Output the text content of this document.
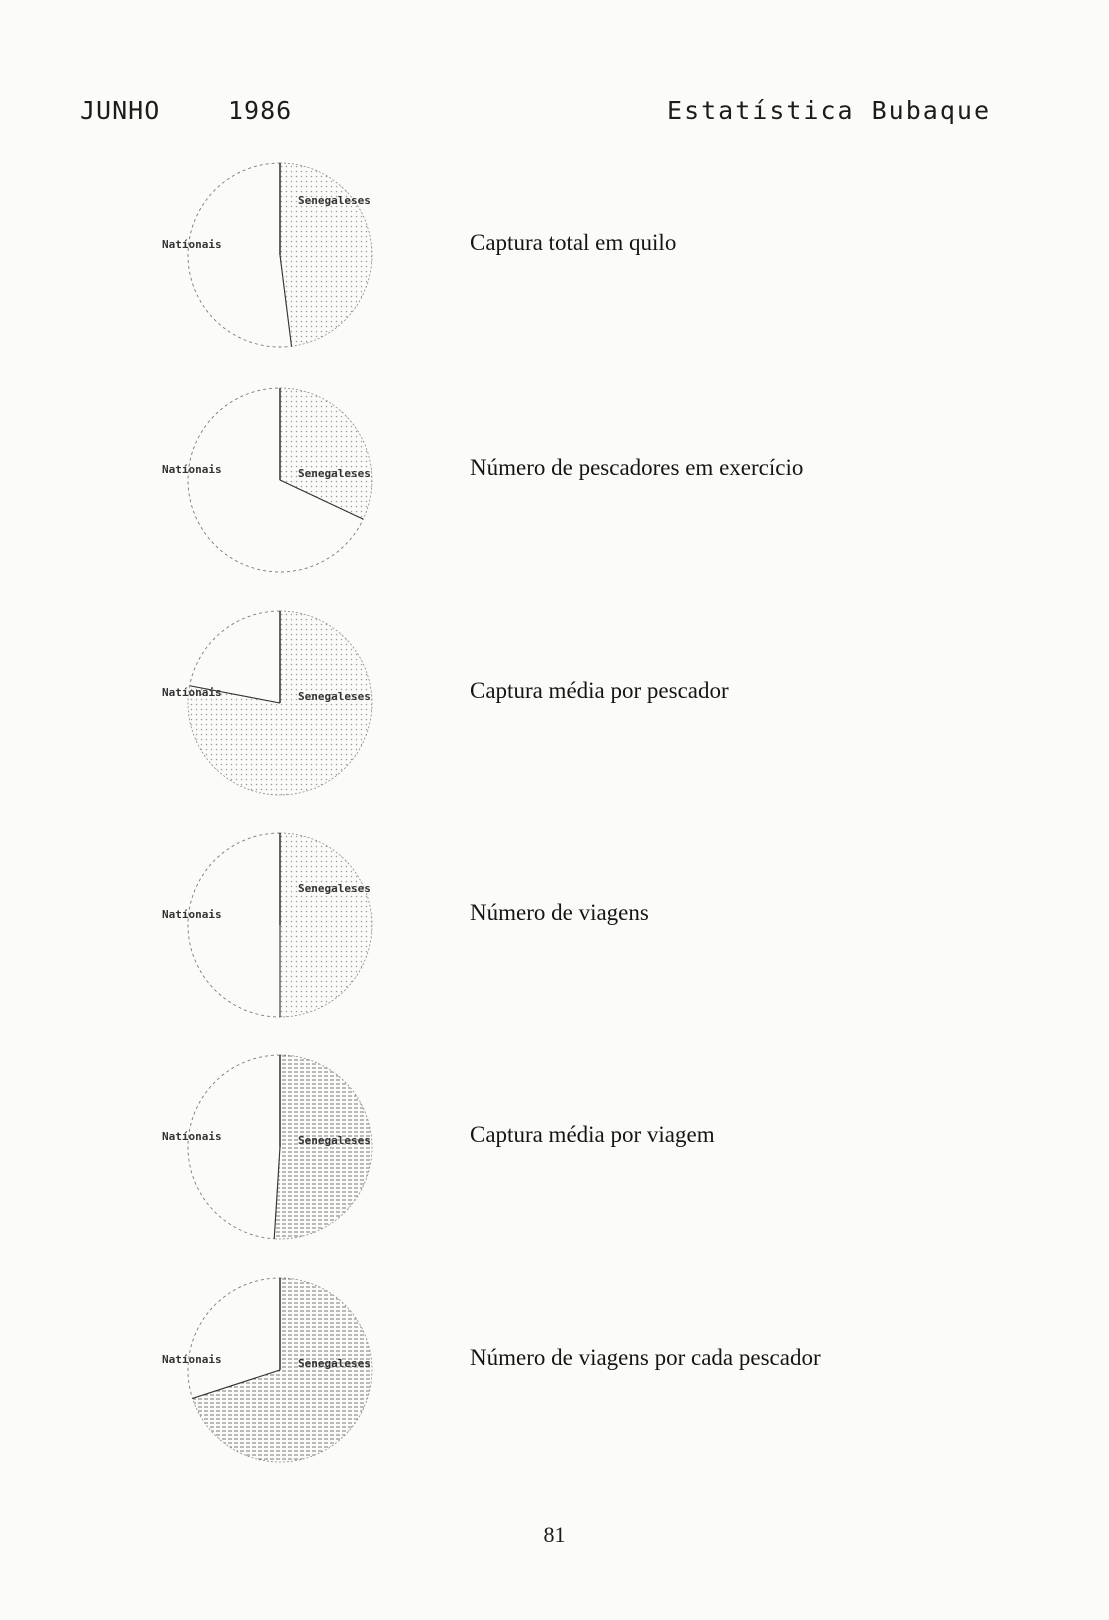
JUNHO	1986	Estatística Bubaque
Natíonais
Senegaleses
Captura total em quilo
Natíonais	Senegaleses	Número de pescadores em exercício
Natíonais	Senegaleses	Captura média por pescador
Natíonais
Senegaleses
Número de viagens
Natíonais	Senegaleses	Captura média por viagem
Natíonais	Senegaleses	Número de viagens por cada pescador
81
